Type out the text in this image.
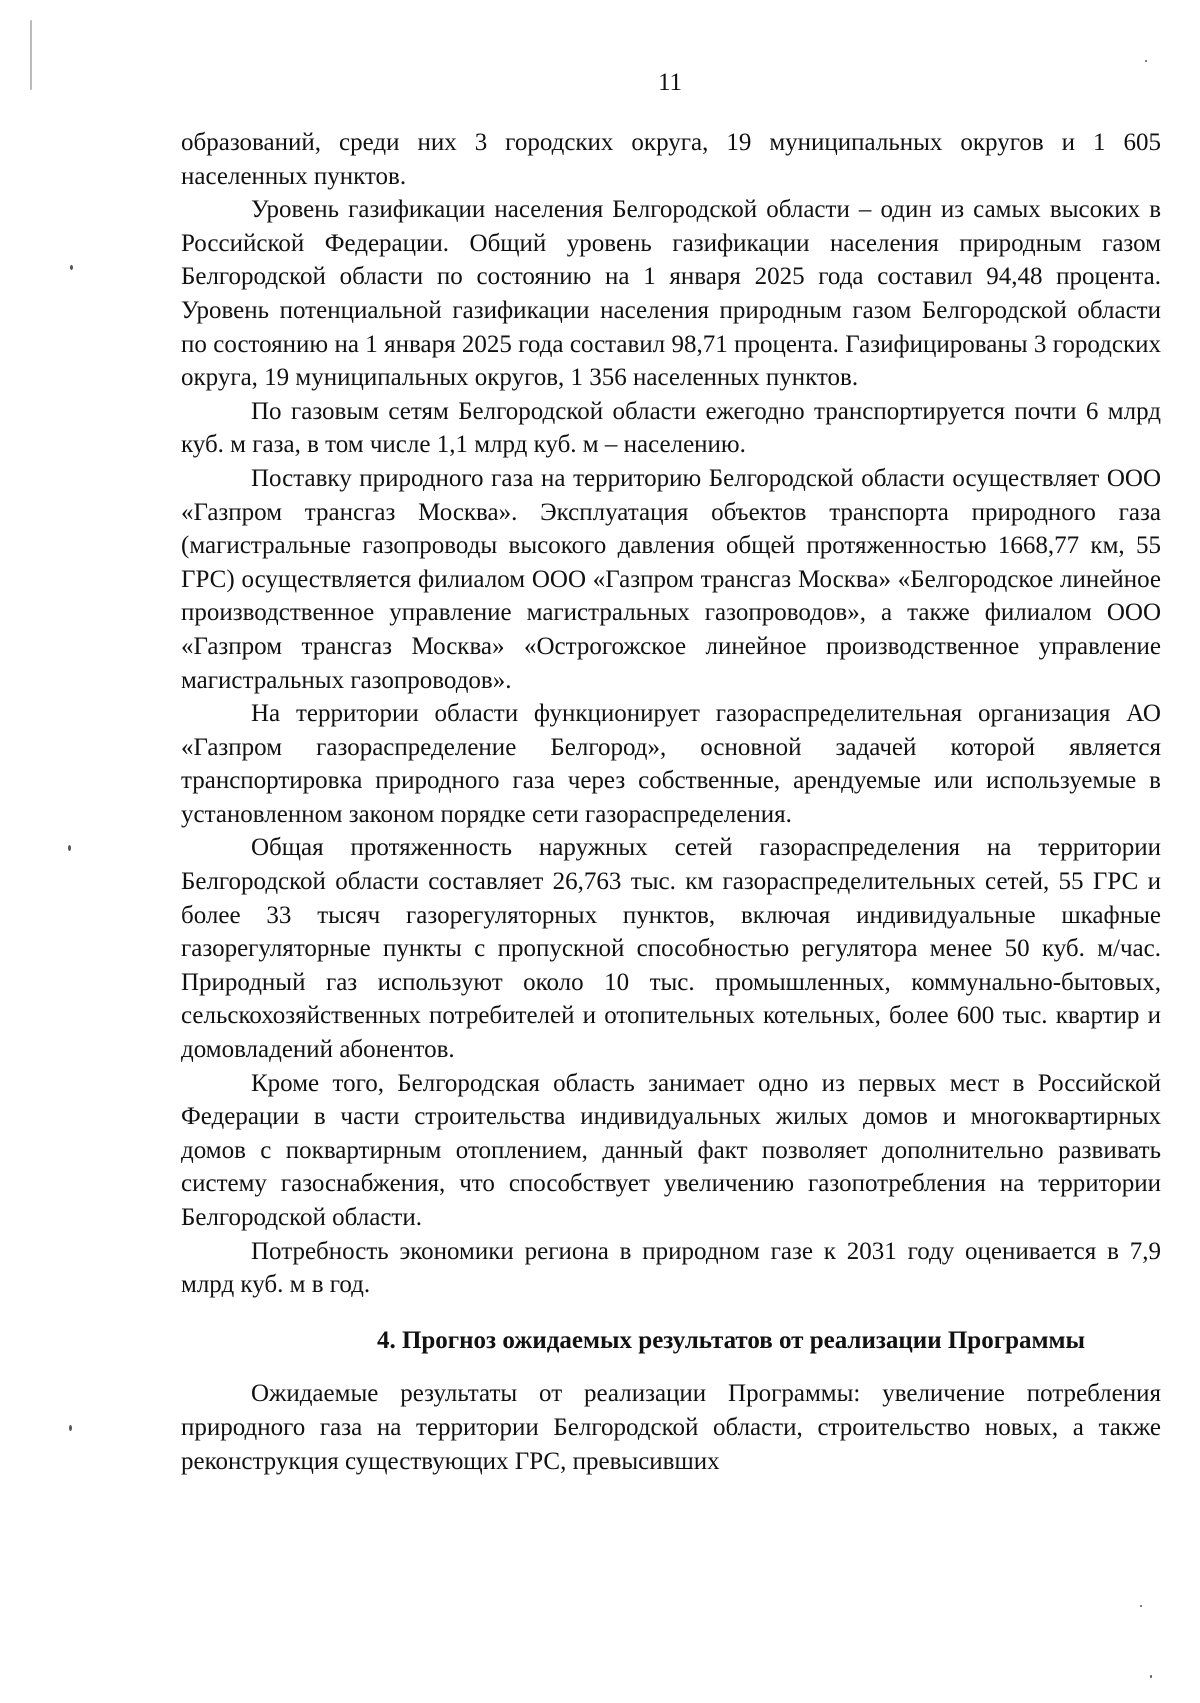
11

образований, среди них 3 городских округа, 19 муниципальных округов и 1 605 населенных пунктов.

Уровень газификации населения Белгородской области – один из самых высоких в Российской Федерации. Общий уровень газификации населения природным газом Белгородской области по состоянию на 1 января 2025 года составил 94,48 процента. Уровень потенциальной газификации населения природным газом Белгородской области по состоянию на 1 января 2025 года составил 98,71 процента. Газифицированы 3 городских округа, 19 муниципальных округов, 1 356 населенных пунктов.

По газовым сетям Белгородской области ежегодно транспортируется почти 6 млрд куб. м газа, в том числе 1,1 млрд куб. м – населению.

Поставку природного газа на территорию Белгородской области осуществляет ООО «Газпром трансгаз Москва». Эксплуатация объектов транспорта природного газа (магистральные газопроводы высокого давления общей протяженностью 1668,77 км, 55 ГРС) осуществляется филиалом ООО «Газпром трансгаз Москва» «Белгородское линейное производственное управление магистральных газопроводов», а также филиалом ООО «Газпром трансгаз Москва» «Острогожское линейное производственное управление магистральных газопроводов».

На территории области функционирует газораспределительная организация АО «Газпром газораспределение Белгород», основной задачей которой является транспортировка природного газа через собственные, арендуемые или используемые в установленном законом порядке сети газораспределения.

Общая протяженность наружных сетей газораспределения на территории Белгородской области составляет 26,763 тыс. км газораспределительных сетей, 55 ГРС и более 33 тысяч газорегуляторных пунктов, включая индивидуальные шкафные газорегуляторные пункты с пропускной способностью регулятора менее 50 куб. м/час. Природный газ используют около 10 тыс. промышленных, коммунально-бытовых, сельскохозяйственных потребителей и отопительных котельных, более 600 тыс. квартир и домовладений абонентов.

Кроме того, Белгородская область занимает одно из первых мест в Российской Федерации в части строительства индивидуальных жилых домов и многоквартирных домов с поквартирным отоплением, данный факт позволяет дополнительно развивать систему газоснабжения, что способствует увеличению газопотребления на территории Белгородской области.

Потребность экономики региона в природном газе к 2031 году оценивается в 7,9 млрд куб. м в год.

4. Прогноз ожидаемых результатов от реализации Программы

Ожидаемые результаты от реализации Программы: увеличение потребления природного газа на территории Белгородской области, строительство новых, а также реконструкция существующих ГРС, превысивших
